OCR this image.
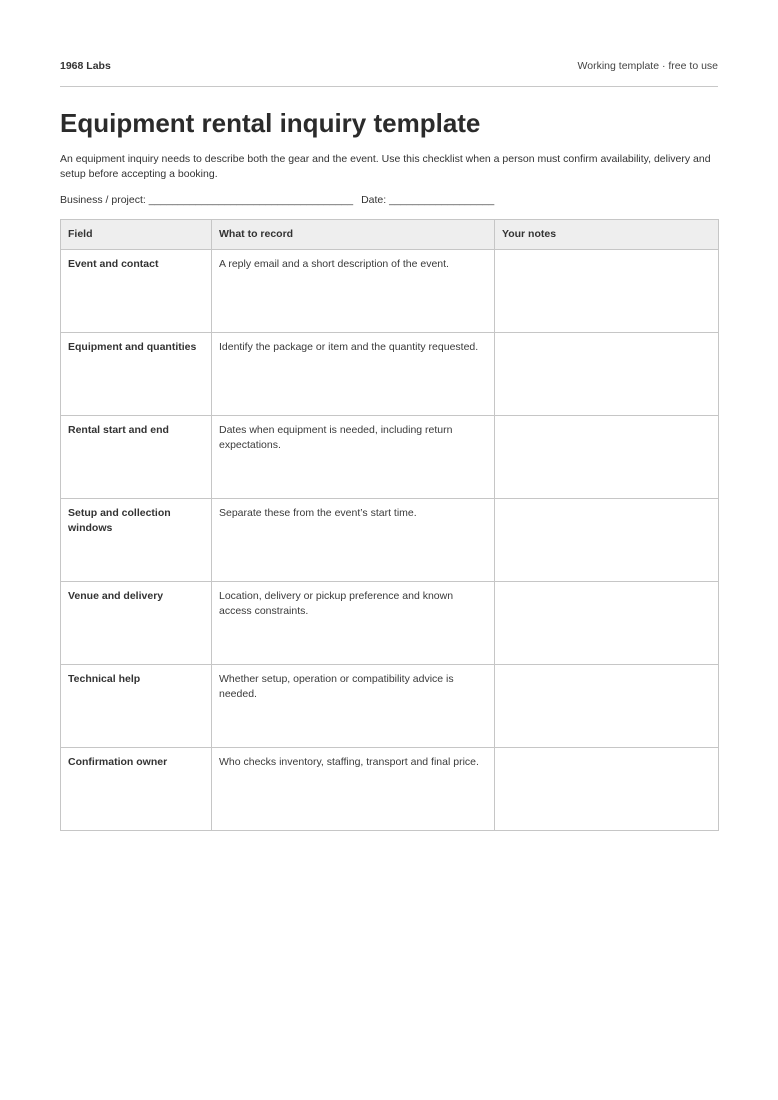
1968 Labs	Working template · free to use
Equipment rental inquiry template

An equipment inquiry needs to describe both the gear and the event. Use this checklist when a person must confirm availability, delivery and setup before accepting a booking.

Business / project: ___________________________________ Date: __________________
Field	What to record	Your notes
Event and contact	A reply email and a short description of the event.	
Equipment and quantities	Identify the package or item and the quantity requested.	
Rental start and end	Dates when equipment is needed, including return expectations.	
Setup and collection windows	Separate these from the event’s start time.	
Venue and delivery	Location, delivery or pickup preference and known access constraints.	
Technical help	Whether setup, operation or compatibility advice is needed.	
Confirmation owner	Who checks inventory, staffing, transport and final price.	
